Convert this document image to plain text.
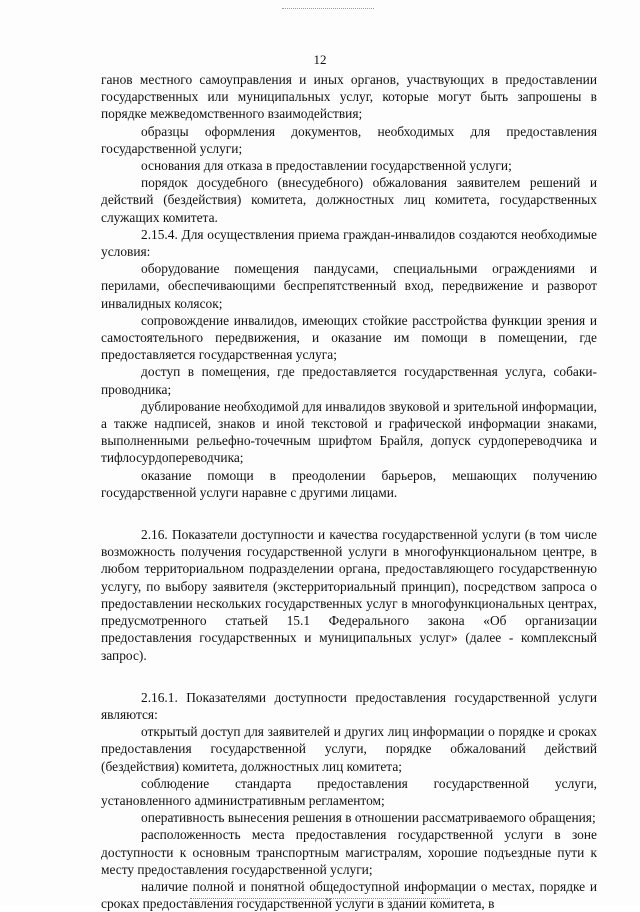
12

ганов местного самоуправления и иных органов, участвующих в предоставлении государственных или муниципальных услуг, которые могут быть запрошены в порядке межведомственного взаимодействия;

образцы оформления документов, необходимых для предоставления государственной услуги;

основания для отказа в предоставлении государственной услуги;

порядок досудебного (внесудебного) обжалования заявителем решений и действий (бездействия) комитета, должностных лиц комитета, государственных служащих комитета.

2.15.4. Для осуществления приема граждан-инвалидов создаются необходимые условия:

оборудование помещения пандусами, специальными ограждениями и перилами, обеспечивающими беспрепятственный вход, передвижение и разворот инвалидных колясок;

сопровождение инвалидов, имеющих стойкие расстройства функции зрения и самостоятельного передвижения, и оказание им помощи в помещении, где предоставляется государственная услуга;

доступ в помещения, где предоставляется государственная услуга, собаки-проводника;

дублирование необходимой для инвалидов звуковой и зрительной информации, а также надписей, знаков и иной текстовой и графической информации знаками, выполненными рельефно-точечным шрифтом Брайля, допуск сурдопереводчика и тифлосурдопереводчика;

оказание помощи в преодолении барьеров, мешающих получению государственной услуги наравне с другими лицами.

2.16. Показатели доступности и качества государственной услуги (в том числе возможность получения государственной услуги в многофункциональном центре, в любом территориальном подразделении органа, предоставляющего государственную услугу, по выбору заявителя (экстерриториальный принцип), посредством запроса о предоставлении нескольких государственных услуг в многофункциональных центрах, предусмотренного статьей 15.1 Федерального закона «Об организации предоставления государственных и муниципальных услуг» (далее - комплексный запрос).

2.16.1. Показателями доступности предоставления государственной услуги являются:

открытый доступ для заявителей и других лиц информации о порядке и сроках предоставления государственной услуги, порядке обжалований действий (бездействия) комитета, должностных лиц комитета;

соблюдение стандарта предоставления государственной услуги, установленного административным регламентом;

оперативность вынесения решения в отношении рассматриваемого обращения;

расположенность места предоставления государственной услуги в зоне доступности к основным транспортным магистралям, хорошие подъездные пути к месту предоставления государственной услуги;

наличие полной и понятной общедоступной информации о местах, порядке и сроках предоставления государственной услуги в здании комитета, в
